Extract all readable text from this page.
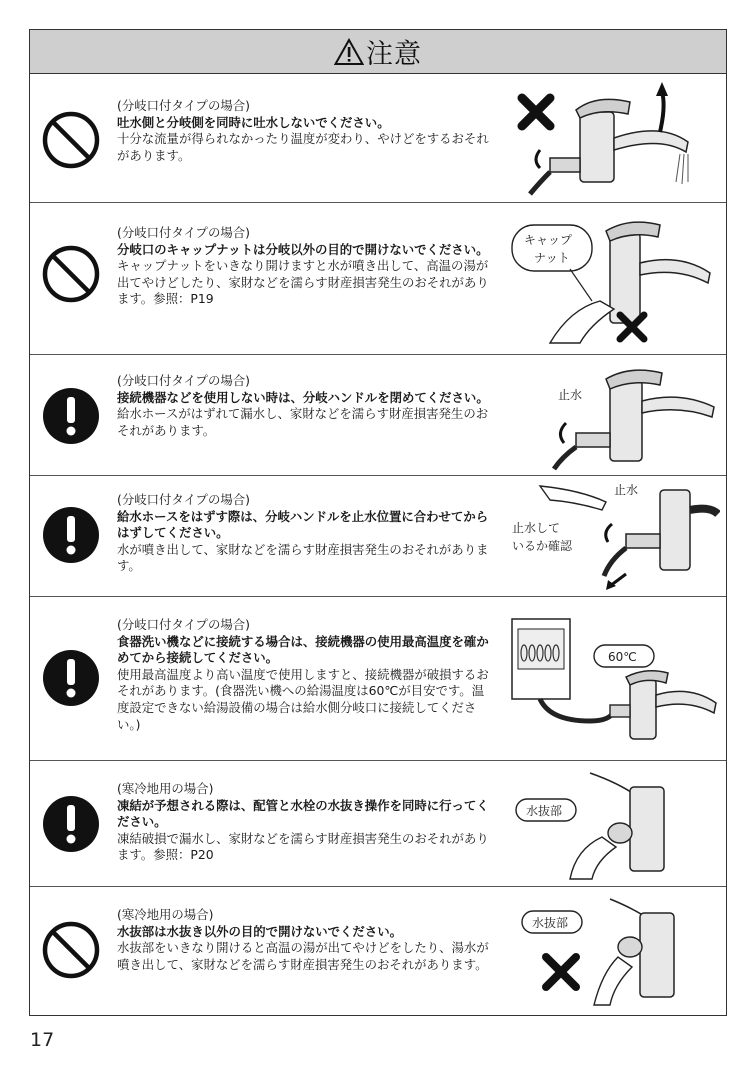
注意
(分岐口付タイプの場合)
吐水側と分岐側を同時に吐水しないでください。
十分な流量が得られなかったり温度が変わり、やけどをするおそれがあります。
(分岐口付タイプの場合)
分岐口のキャップナットは分岐以外の目的で開けないでください。
キャップナットをいきなり開けますと水が噴き出して、高温の湯が出てやけどしたり、家財などを濡らす財産損害発生のおそれがあります。参照：P19
キャップ
ナット
(分岐口付タイプの場合)
接続機器などを使用しない時は、分岐ハンドルを閉めてください。
給水ホースがはずれて漏水し、家財などを濡らす財産損害発生のおそれがあります。
止水
(分岐口付タイプの場合)
給水ホースをはずす際は、分岐ハンドルを止水位置に合わせてからはずしてください。
水が噴き出して、家財などを濡らす財産損害発生のおそれがあります。
止水
止水して
いるか確認
(分岐口付タイプの場合)
食器洗い機などに接続する場合は、接続機器の使用最高温度を確かめてから接続してください。
使用最高温度より高い温度で使用しますと、接続機器が破損するおそれがあります。(食器洗い機への給湯温度は60℃が目安です。温度設定できない給湯設備の場合は給水側分岐口に接続してください。)
60℃
(寒冷地用の場合)
凍結が予想される際は、配管と水栓の水抜き操作を同時に行ってください。
凍結破損で漏水し、家財などを濡らす財産損害発生のおそれがあります。参照：P20
水抜部
(寒冷地用の場合)
水抜部は水抜き以外の目的で開けないでください。
水抜部をいきなり開けると高温の湯が出てやけどをしたり、湯水が噴き出して、家財などを濡らす財産損害発生のおそれがあります。
水抜部
17
